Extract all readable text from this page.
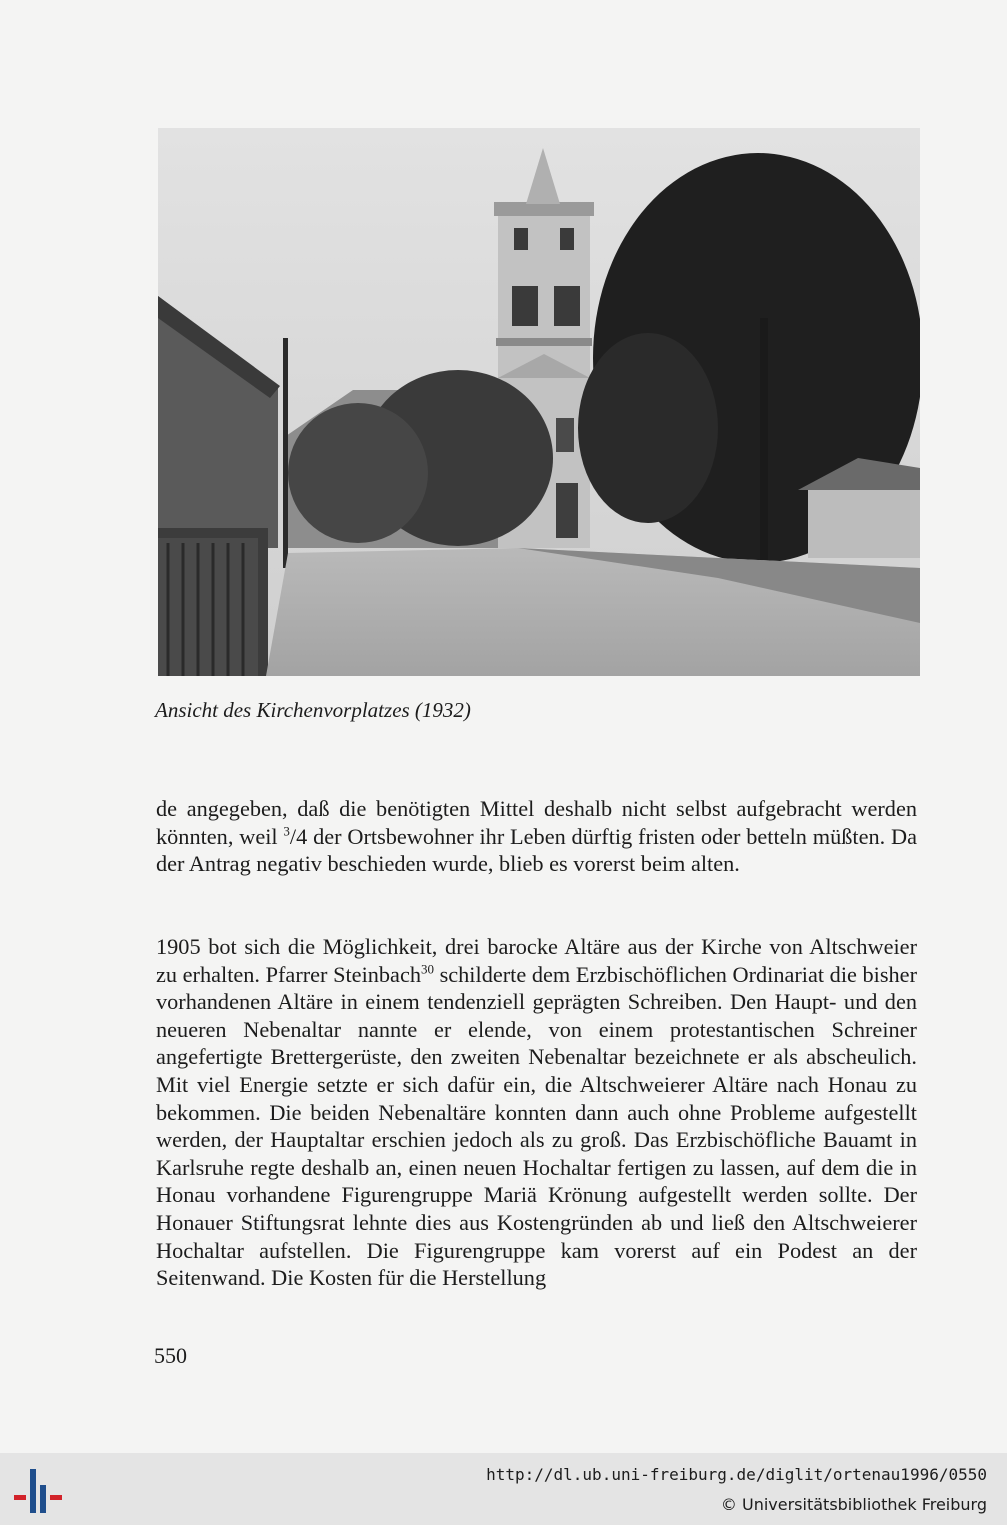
Ansicht des Kirchenvorplatzes (1932)

de angegeben, daß die benötigten Mittel deshalb nicht selbst aufgebracht werden könnten, weil $^3$/4 der Ortsbewohner ihr Leben dürftig fristen oder betteln müßten. Da der Antrag negativ beschieden wurde, blieb es vorerst beim alten.

1905 bot sich die Möglichkeit, drei barocke Altäre aus der Kirche von Altschweier zu erhalten. Pfarrer Steinbach$^{30}$ schilderte dem Erzbischöflichen Ordinariat die bisher vorhandenen Altäre in einem tendenziell geprägten Schreiben. Den Haupt- und den neueren Nebenaltar nannte er elende, von einem protestantischen Schreiner angefertigte Brettergerüste, den zweiten Nebenaltar bezeichnete er als abscheulich. Mit viel Energie setzte er sich dafür ein, die Altschweierer Altäre nach Honau zu bekommen. Die beiden Nebenaltäre konnten dann auch ohne Probleme aufgestellt werden, der Hauptaltar erschien jedoch als zu groß. Das Erzbischöfliche Bauamt in Karlsruhe regte deshalb an, einen neuen Hochaltar fertigen zu lassen, auf dem die in Honau vorhandene Figurengruppe Mariä Krönung aufgestellt werden sollte. Der Honauer Stiftungsrat lehnte dies aus Kostengründen ab und ließ den Altschweierer Hochaltar aufstellen. Die Figurengruppe kam vorerst auf ein Podest an der Seitenwand. Die Kosten für die Herstellung

550
http://dl.ub.uni-freiburg.de/diglit/ortenau1996/0550
© Universitätsbibliothek Freiburg
